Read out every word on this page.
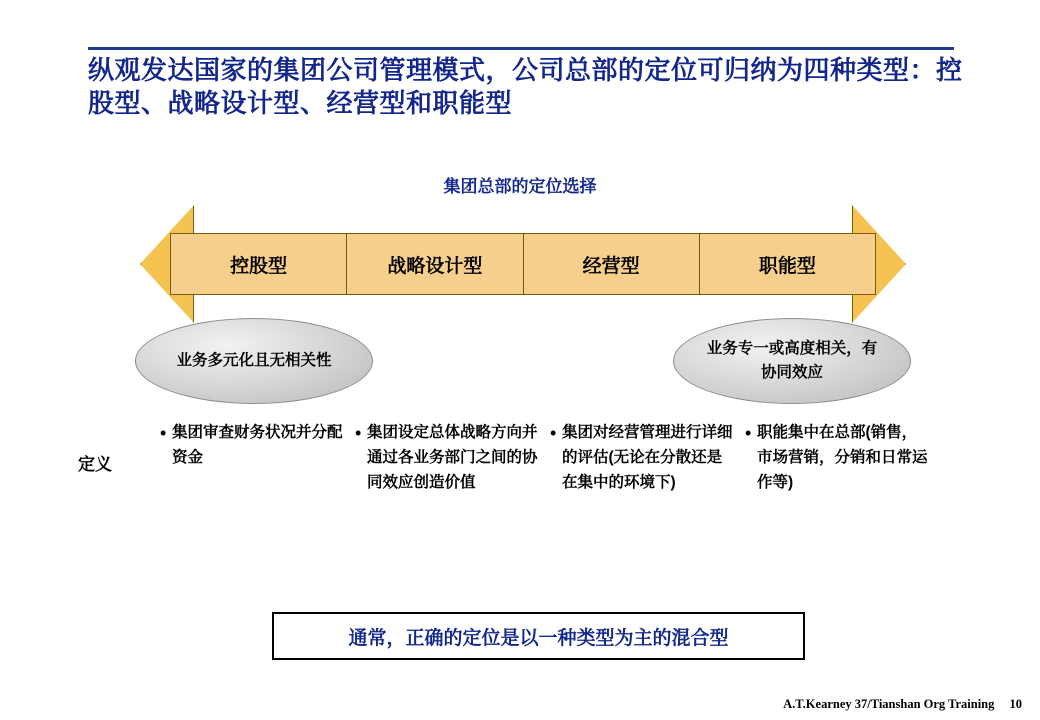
纵观发达国家的集团公司管理模式，公司总部的定位可归纳为四种类型：控股型、战略设计型、经营型和职能型
集团总部的定位选择
控股型	战略设计型	经营型	职能型
业务多元化且无相关性
业务专一或高度相关，有协同效应
定义
• 集团审查财务状况并分配资金
• 集团设定总体战略方向并通过各业务部门之间的协同效应创造价值
• 集团对经营管理进行详细的评估(无论在分散还是在集中的环境下)
• 职能集中在总部(销售，市场营销，分销和日常运作等)
通常，正确的定位是以一种类型为主的混合型
A.T.Kearney 37/Tianshan Org Training 10
